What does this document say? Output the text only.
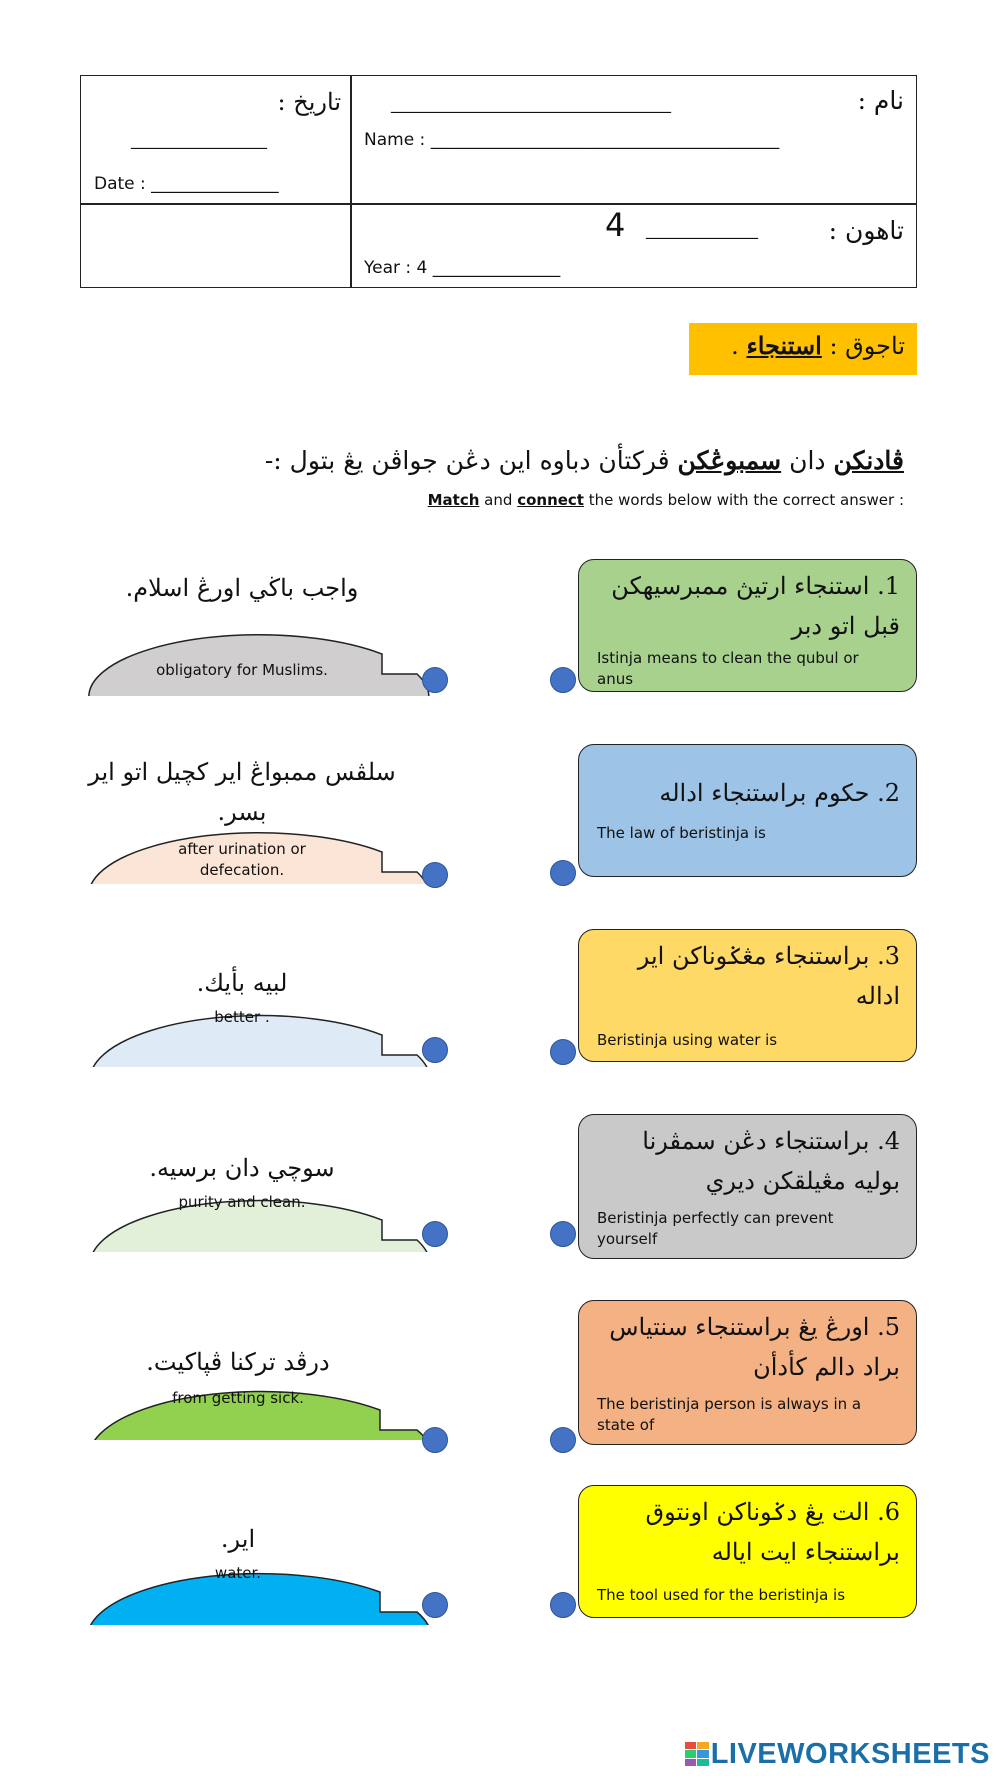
تاريخ :
_________________
Date : _______________
نام :
___________________________________
Name : _________________________________________
تاهون :
______________
4
Year : 4 _______________
تاجوق : استنجاء .
ڤادنكن دان سمبوڠكن ڤركتأن دباوه اين دڠن جواڤن يڠ بتول :-
Match and connect the words below with the correct answer :
1. استنجاء ارتيڽ ممبرسيهكن قبل اتو دبر
Istinja means to clean the qubul or anus
2. حكوم براستنجاء اداله
The law of beristinja is
3. براستنجاء مڠݢوناكن اير اداله
Beristinja using water is
4. براستنجاء دڠن سمڤرنا بوليه مڠيلقكن ديري
Beristinja perfectly can prevent yourself
5. اورڠ يڠ براستنجاء سنتياس براد دالم كأدأن
The beristinja person is always in a state of
6. الت يڠ دݢوناكن اونتوق براستنجاء ايت اياله
The tool used for the beristinja is
واجب باڬي اورڠ اسلام.
obligatory for Muslims.
سلڤس ممبواڠ اير كچيل اتو اير بسر.
after urination or defecation.
لبيه بأيك.
better .
سوچي دان برسيه.
purity and clean.
درڤد تركنا ڤڽاكيت.
from getting sick.
اير.
water.
LIVEWORKSHEETS
